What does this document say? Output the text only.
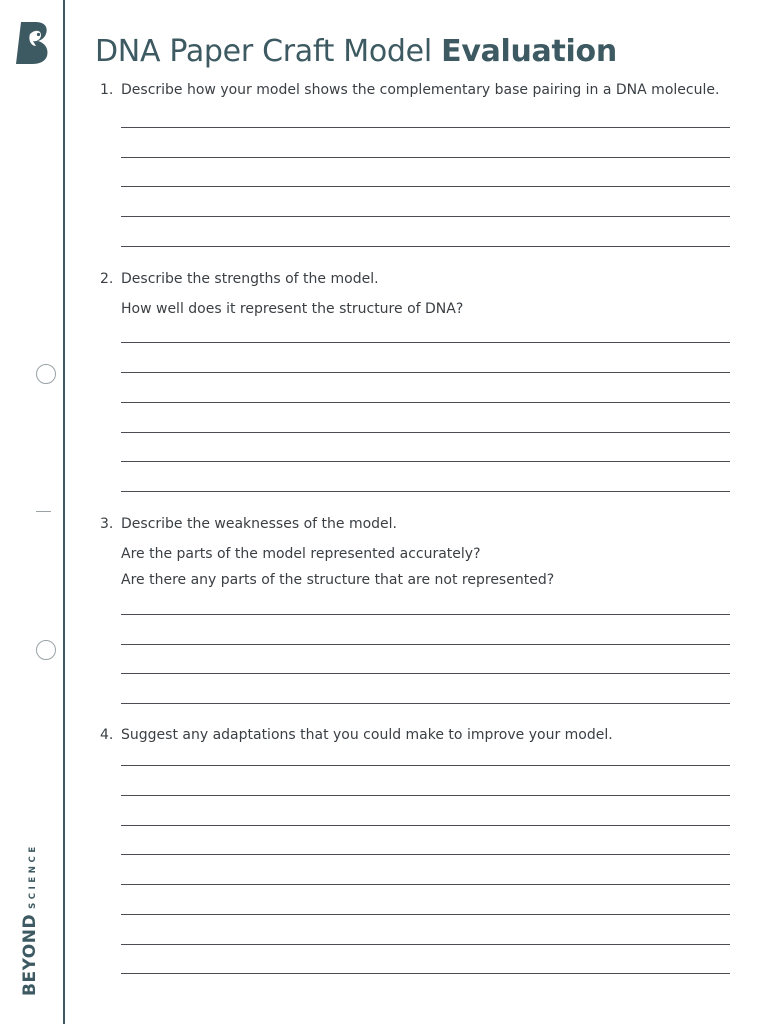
BEYOND
SCIENCE
DNA Paper Craft Model Evaluation

1. Describe how your model shows the complementary base pairing in a DNA molecule.

2. Describe the strengths of the model.

How well does it represent the structure of DNA?

3. Describe the weaknesses of the model.

Are the parts of the model represented accurately?

Are there any parts of the structure that are not represented?

4. Suggest any adaptations that you could make to improve your model.
